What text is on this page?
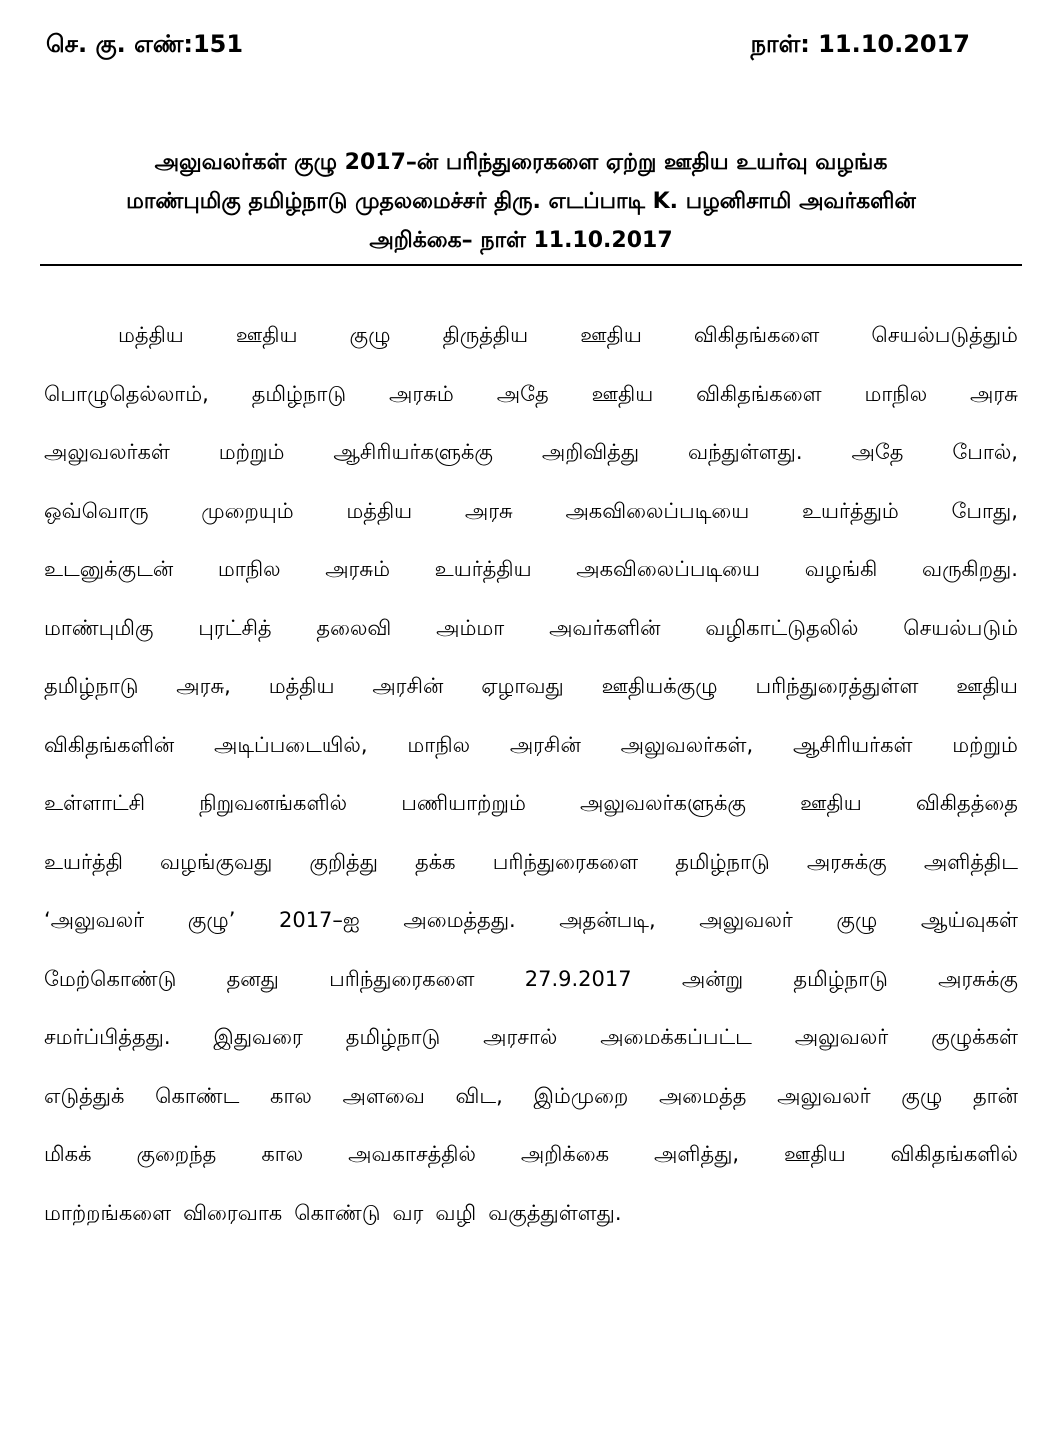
செ. கு. எண்:151	நாள்: 11.10.2017
அலுவலர்கள் குழு 2017–ன் பரிந்துரைகளை ஏற்று ஊதிய உயர்வு வழங்க
மாண்புமிகு தமிழ்நாடு முதலமைச்சர் திரு. எடப்பாடி K. பழனிசாமி அவர்களின்
அறிக்கை– நாள் 11.10.2017
மத்திய ஊதிய குழு திருத்திய ஊதிய விகிதங்களை செயல்படுத்தும்
பொழுதெல்லாம், தமிழ்நாடு அரசும் அதே ஊதிய விகிதங்களை மாநில அரசு
அலுவலர்கள் மற்றும் ஆசிரியர்களுக்கு அறிவித்து வந்துள்ளது. அதே போல்,
ஒவ்வொரு	முறையும்	மத்திய	அரசு	அகவிலைப்படியை	உயர்த்தும்	போது,
உடனுக்குடன் மாநில அரசும் உயர்த்திய அகவிலைப்படியை வழங்கி வருகிறது.
மாண்புமிகு புரட்சித் தலைவி அம்மா அவர்களின் வழிகாட்டுதலில் செயல்படும்
தமிழ்நாடு அரசு, மத்திய அரசின் ஏழாவது ஊதியக்குழு பரிந்துரைத்துள்ள ஊதிய
விகிதங்களின் அடிப்படையில், மாநில அரசின் அலுவலர்கள், ஆசிரியர்கள் மற்றும்
உள்ளாட்சி	நிறுவனங்களில்	பணியாற்றும்	அலுவலர்களுக்கு	ஊதிய	விகிதத்தை
உயர்த்தி வழங்குவது குறித்து தக்க பரிந்துரைகளை தமிழ்நாடு அரசுக்கு அளித்திட
‘அலுவலர் குழு’ 2017–ஐ அமைத்தது. அதன்படி, அலுவலர் குழு ஆய்வுகள்
மேற்கொண்டு தனது பரிந்துரைகளை 27.9.2017 அன்று தமிழ்நாடு அரசுக்கு
சமர்ப்பித்தது. இதுவரை தமிழ்நாடு அரசால் அமைக்கப்பட்ட அலுவலர் குழுக்கள்
எடுத்துக் கொண்ட கால அளவை விட, இம்முறை அமைத்த அலுவலர் குழு தான்
மிகக் குறைந்த கால அவகாசத்தில் அறிக்கை அளித்து, ஊதிய விகிதங்களில்
மாற்றங்களை விரைவாக கொண்டு வர வழி வகுத்துள்ளது.
